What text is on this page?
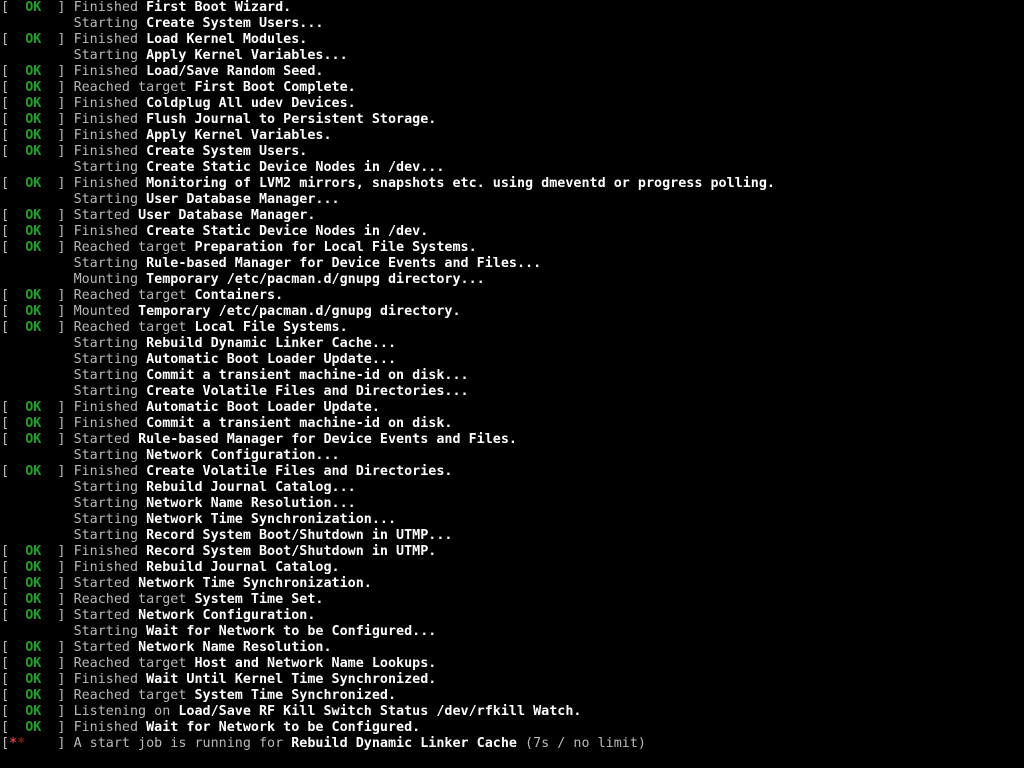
[  OK  ] Finished First Boot Wizard.
Starting Create System Users...
[  OK  ] Finished Load Kernel Modules.
Starting Apply Kernel Variables...
[  OK  ] Finished Load/Save Random Seed.
[  OK  ] Reached target First Boot Complete.
[  OK  ] Finished Coldplug All udev Devices.
[  OK  ] Finished Flush Journal to Persistent Storage.
[  OK  ] Finished Apply Kernel Variables.
[  OK  ] Finished Create System Users.
Starting Create Static Device Nodes in /dev...
[  OK  ] Finished Monitoring of LVM2 mirrors, snapshots etc. using dmeventd or progress polling.
Starting User Database Manager...
[  OK  ] Started User Database Manager.
[  OK  ] Finished Create Static Device Nodes in /dev.
[  OK  ] Reached target Preparation for Local File Systems.
Starting Rule-based Manager for Device Events and Files...
Mounting Temporary /etc/pacman.d/gnupg directory...
[  OK  ] Reached target Containers.
[  OK  ] Mounted Temporary /etc/pacman.d/gnupg directory.
[  OK  ] Reached target Local File Systems.
Starting Rebuild Dynamic Linker Cache...
Starting Automatic Boot Loader Update...
Starting Commit a transient machine-id on disk...
Starting Create Volatile Files and Directories...
[  OK  ] Finished Automatic Boot Loader Update.
[  OK  ] Finished Commit a transient machine-id on disk.
[  OK  ] Started Rule-based Manager for Device Events and Files.
Starting Network Configuration...
[  OK  ] Finished Create Volatile Files and Directories.
Starting Rebuild Journal Catalog...
Starting Network Name Resolution...
Starting Network Time Synchronization...
Starting Record System Boot/Shutdown in UTMP...
[  OK  ] Finished Record System Boot/Shutdown in UTMP.
[  OK  ] Finished Rebuild Journal Catalog.
[  OK  ] Started Network Time Synchronization.
[  OK  ] Reached target System Time Set.
[  OK  ] Started Network Configuration.
Starting Wait for Network to be Configured...
[  OK  ] Started Network Name Resolution.
[  OK  ] Reached target Host and Network Name Lookups.
[  OK  ] Finished Wait Until Kernel Time Synchronized.
[  OK  ] Reached target System Time Synchronized.
[  OK  ] Listening on Load/Save RF Kill Switch Status /dev/rfkill Watch.
[  OK  ] Finished Wait for Network to be Configured.
[**    ] A start job is running for Rebuild Dynamic Linker Cache (7s / no limit)
